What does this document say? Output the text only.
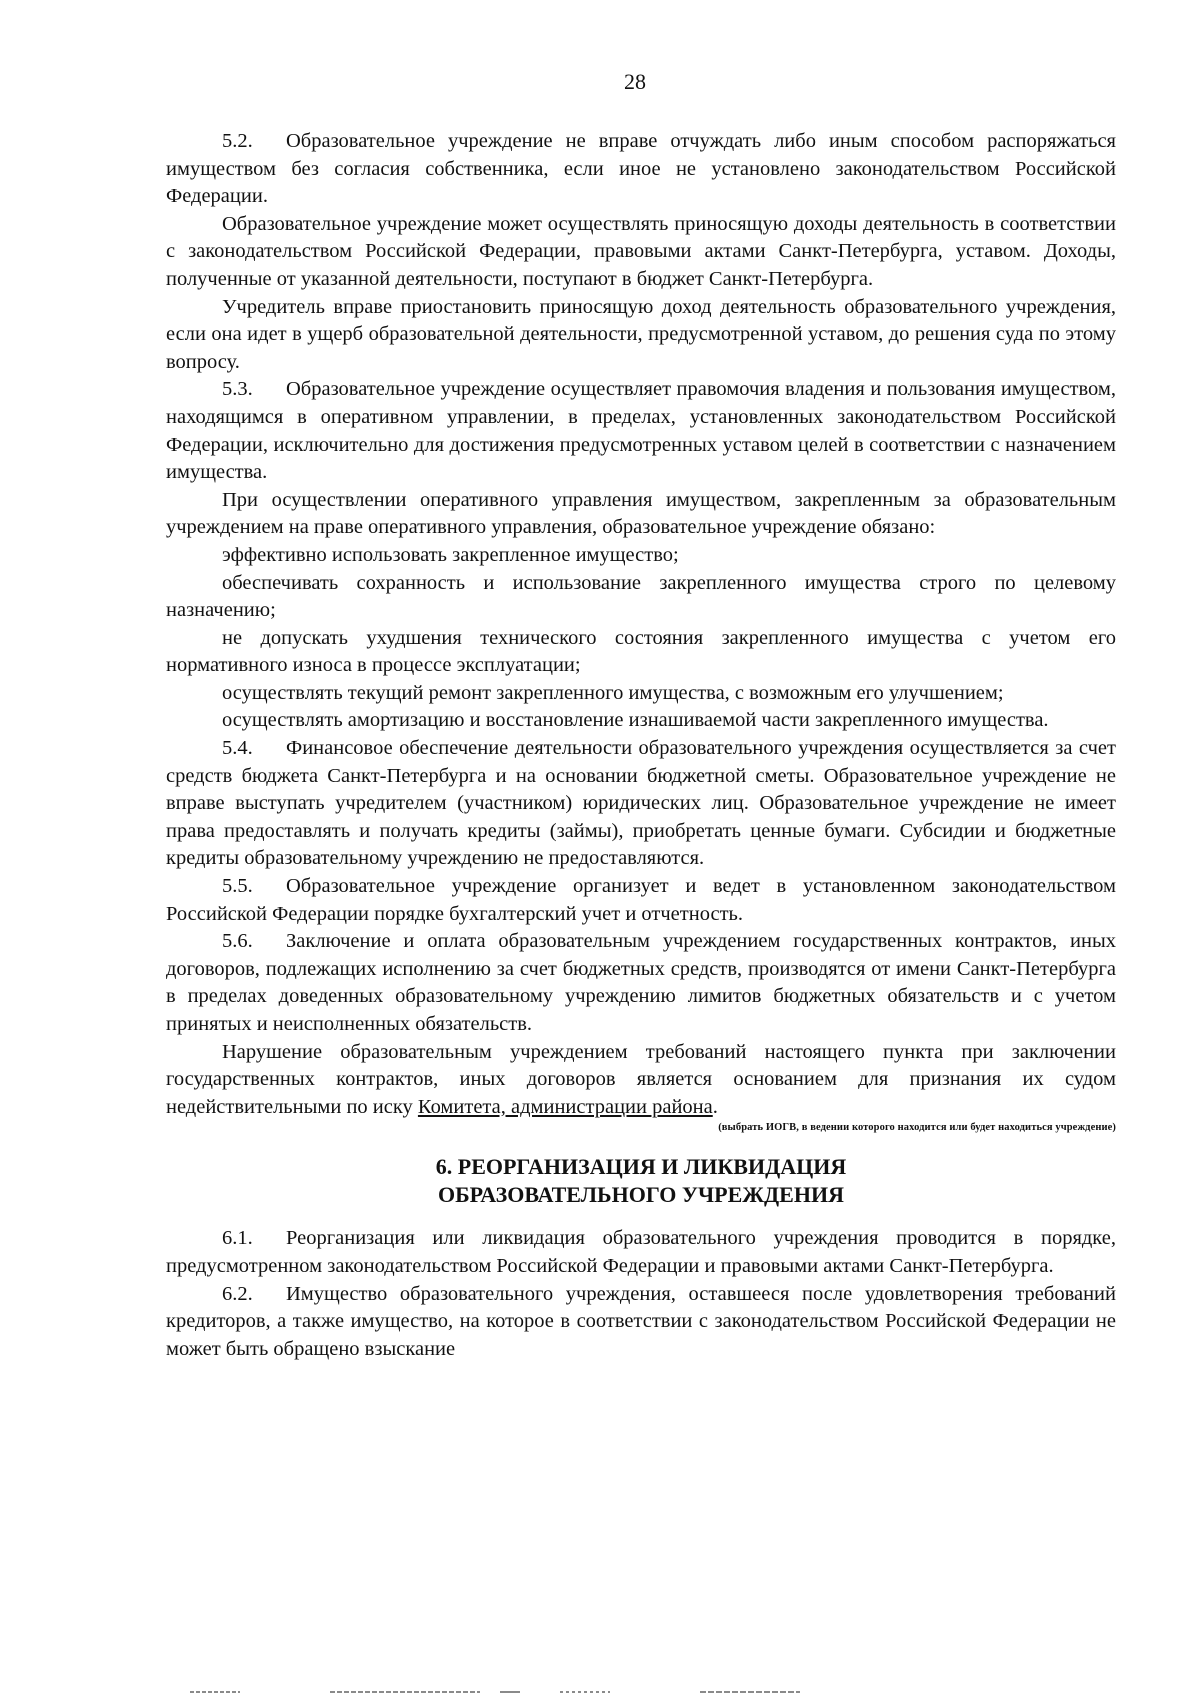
28

5.2. Образовательное учреждение не вправе отчуждать либо иным способом распоряжаться имуществом без согласия собственника, если иное не установлено законодательством Российской Федерации.

Образовательное учреждение может осуществлять приносящую доходы деятельность в соответствии с законодательством Российской Федерации, правовыми актами Санкт-Петербурга, уставом. Доходы, полученные от указанной деятельности, поступают в бюджет Санкт-Петербурга.

Учредитель вправе приостановить приносящую доход деятельность образовательного учреждения, если она идет в ущерб образовательной деятельности, предусмотренной уставом, до решения суда по этому вопросу.

5.3. Образовательное учреждение осуществляет правомочия владения и пользования имуществом, находящимся в оперативном управлении, в пределах, установленных законодательством Российской Федерации, исключительно для достижения предусмотренных уставом целей в соответствии с назначением имущества.

При осуществлении оперативного управления имуществом, закрепленным за образовательным учреждением на праве оперативного управления, образовательное учреждение обязано:

эффективно использовать закрепленное имущество;

обеспечивать сохранность и использование закрепленного имущества строго по целевому назначению;

не допускать ухудшения технического состояния закрепленного имущества с учетом его нормативного износа в процессе эксплуатации;

осуществлять текущий ремонт закрепленного имущества, с возможным его улучшением;

осуществлять амортизацию и восстановление изнашиваемой части закрепленного имущества.

5.4. Финансовое обеспечение деятельности образовательного учреждения осуществляется за счет средств бюджета Санкт-Петербурга и на основании бюджетной сметы. Образовательное учреждение не вправе выступать учредителем (участником) юридических лиц. Образовательное учреждение не имеет права предоставлять и получать кредиты (займы), приобретать ценные бумаги. Субсидии и бюджетные кредиты образовательному учреждению не предоставляются.

5.5. Образовательное учреждение организует и ведет в установленном законодательством Российской Федерации порядке бухгалтерский учет и отчетность.

5.6. Заключение и оплата образовательным учреждением государственных контрактов, иных договоров, подлежащих исполнению за счет бюджетных средств, производятся от имени Санкт-Петербурга в пределах доведенных образовательному учреждению лимитов бюджетных обязательств и с учетом принятых и неисполненных обязательств.

Нарушение образовательным учреждением требований настоящего пункта при заключении государственных контрактов, иных договоров является основанием для признания их судом недействительными по иску Комитета, администрации района.

(выбрать ИОГВ, в ведении которого находится или будет находиться учреждение)

6. РЕОРГАНИЗАЦИЯ И ЛИКВИДАЦИЯ
ОБРАЗОВАТЕЛЬНОГО УЧРЕЖДЕНИЯ

6.1. Реорганизация или ликвидация образовательного учреждения проводится в порядке, предусмотренном законодательством Российской Федерации и правовыми актами Санкт-Петербурга.

6.2. Имущество образовательного учреждения, оставшееся после удовлетворения требований кредиторов, а также имущество, на которое в соответствии с законодательством Российской Федерации не может быть обращено взыскание
